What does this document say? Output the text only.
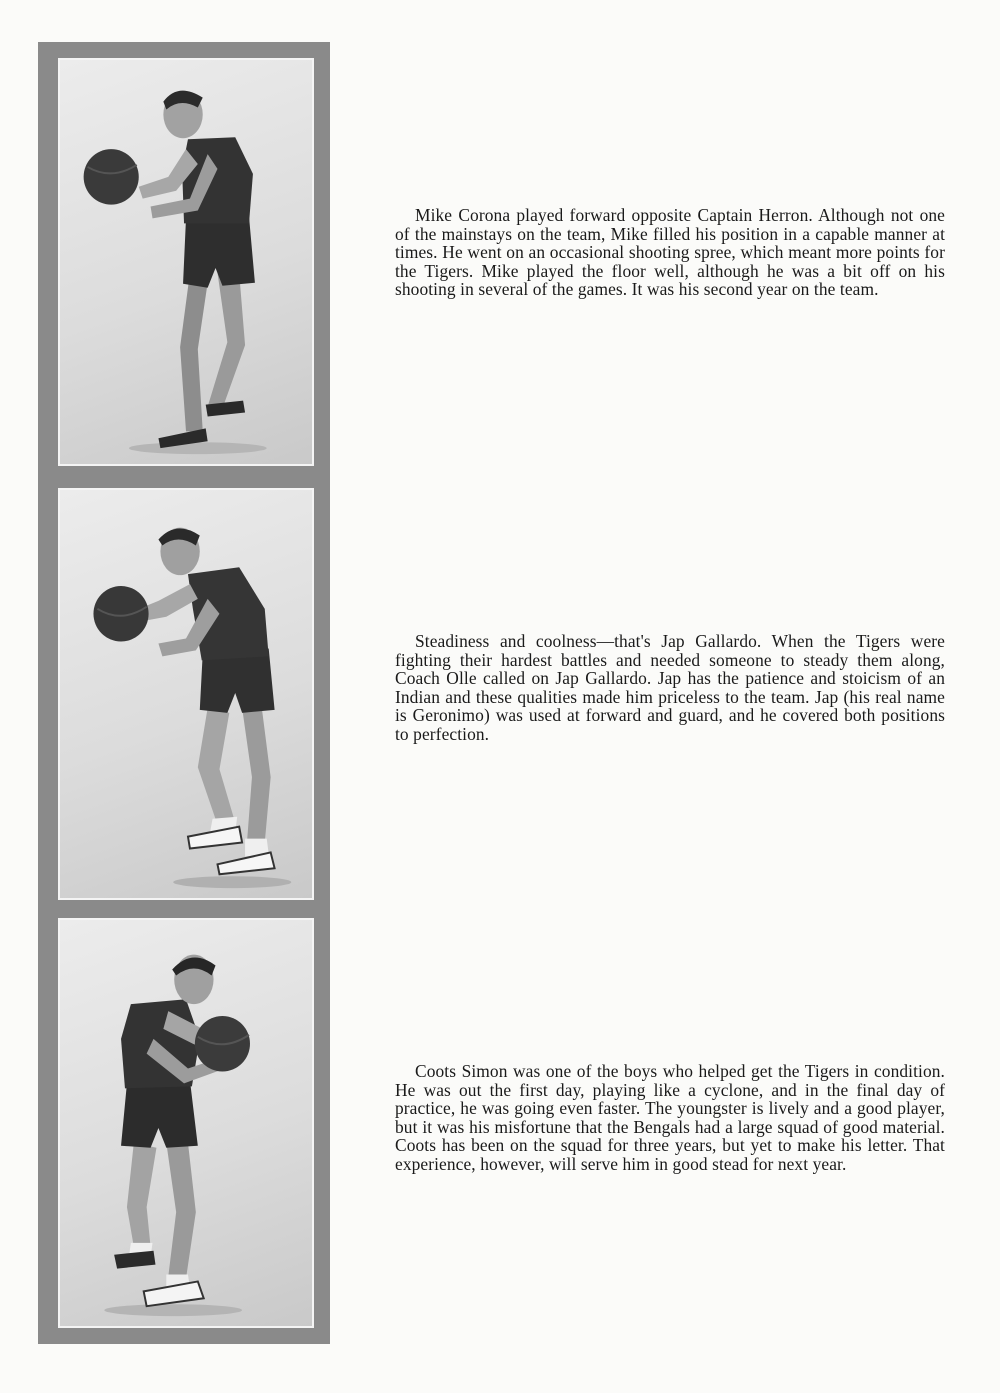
Mike Corona played forward opposite Captain Herron. Although not one of the mainstays on the team, Mike filled his position in a capable manner at times. He went on an occasional shooting spree, which meant more points for the Tigers. Mike played the floor well, although he was a bit off on his shooting in several of the games. It was his second year on the team.

Steadiness and coolness—that's Jap Gallardo. When the Tigers were fighting their hardest battles and needed someone to steady them along, Coach Olle called on Jap Gallardo. Jap has the patience and stoicism of an Indian and these qualities made him priceless to the team. Jap (his real name is Geronimo) was used at forward and guard, and he covered both positions to perfection.

Coots Simon was one of the boys who helped get the Tigers in condition. He was out the first day, playing like a cyclone, and in the final day of practice, he was going even faster. The youngster is lively and a good player, but it was his misfortune that the Bengals had a large squad of good material. Coots has been on the squad for three years, but yet to make his letter. That experience, however, will serve him in good stead for next year.
